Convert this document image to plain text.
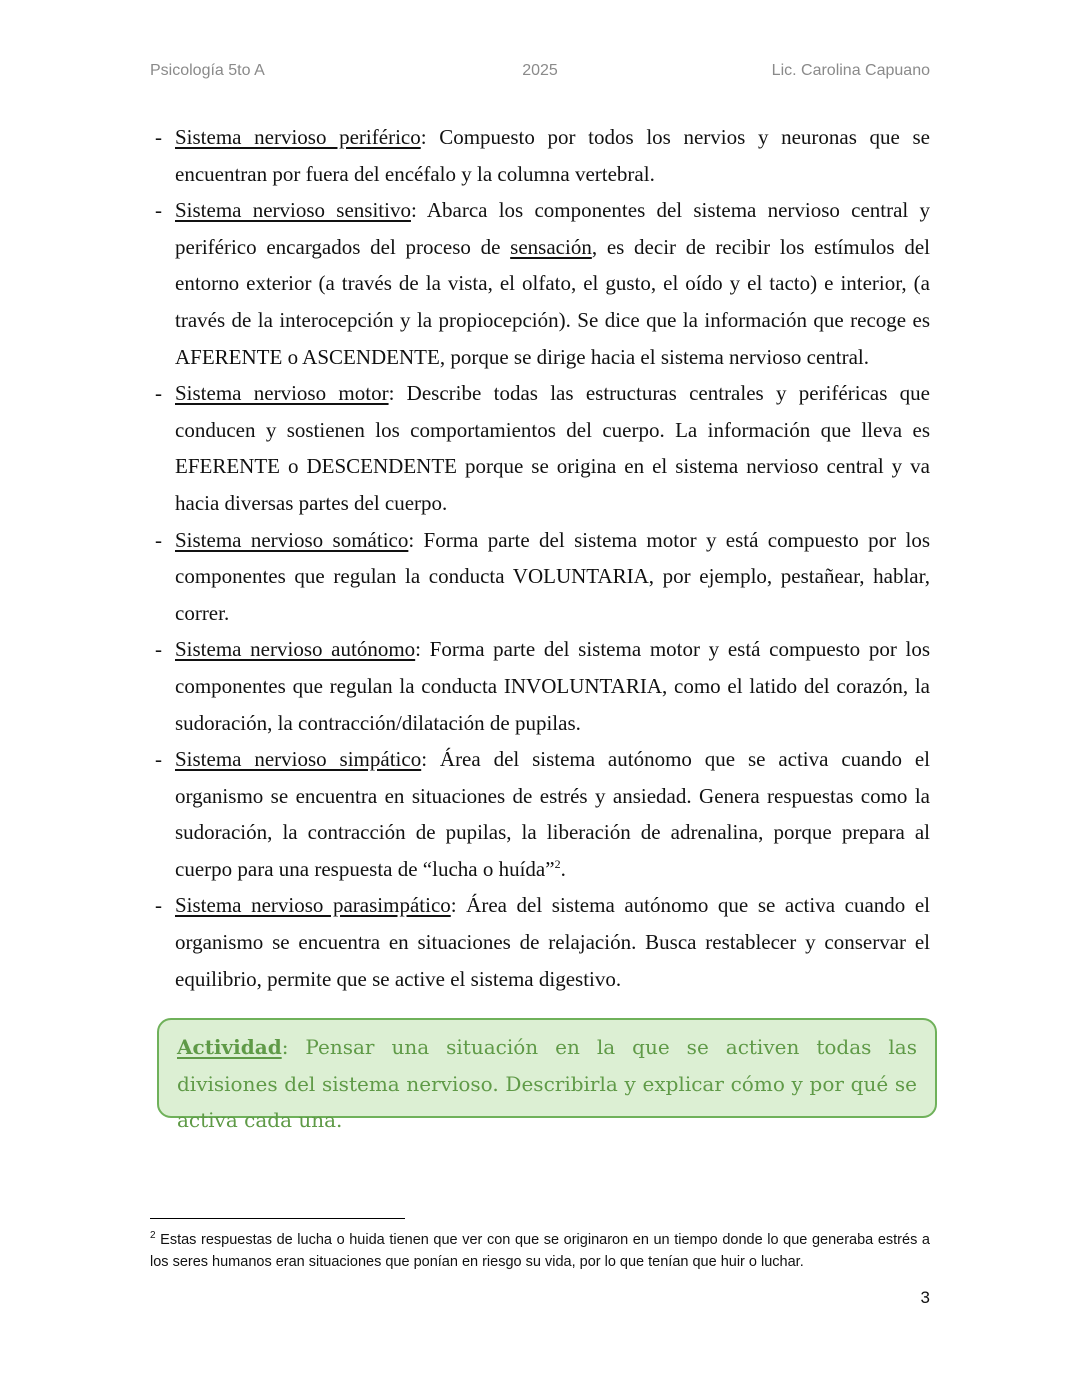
Psicología 5to A	2025	Lic. Carolina Capuano

- Sistema nervioso periférico: Compuesto por todos los nervios y neuronas que se encuentran por fuera del encéfalo y la columna vertebral.

- Sistema nervioso sensitivo: Abarca los componentes del sistema nervioso central y periférico encargados del proceso de sensación, es decir de recibir los estímulos del entorno exterior (a través de la vista, el olfato, el gusto, el oído y el tacto) e interior, (a través de la interocepción y la propiocepción). Se dice que la información que recoge es AFERENTE o ASCENDENTE, porque se dirige hacia el sistema nervioso central.

- Sistema nervioso motor: Describe todas las estructuras centrales y periféricas que conducen y sostienen los comportamientos del cuerpo. La información que lleva es EFERENTE o DESCENDENTE porque se origina en el sistema nervioso central y va hacia diversas partes del cuerpo.

- Sistema nervioso somático: Forma parte del sistema motor y está compuesto por los componentes que regulan la conducta VOLUNTARIA, por ejemplo, pestañear, hablar, correr.

- Sistema nervioso autónomo: Forma parte del sistema motor y está compuesto por los componentes que regulan la conducta INVOLUNTARIA, como el latido del corazón, la sudoración, la contracción/dilatación de pupilas.

- Sistema nervioso simpático: Área del sistema autónomo que se activa cuando el organismo se encuentra en situaciones de estrés y ansiedad. Genera respuestas como la sudoración, la contracción de pupilas, la liberación de adrenalina, porque prepara al cuerpo para una respuesta de “lucha o huída”$^2$.

- Sistema nervioso parasimpático: Área del sistema autónomo que se activa cuando el organismo se encuentra en situaciones de relajación. Busca restablecer y conservar el equilibrio, permite que se active el sistema digestivo.

Actividad: Pensar una situación en la que se activen todas las divisiones del sistema nervioso. Describirla y explicar cómo y por qué se activa cada una.
$^2$ Estas respuestas de lucha o huida tienen que ver con que se originaron en un tiempo donde lo que generaba estrés a los seres humanos eran situaciones que ponían en riesgo su vida, por lo que tenían que huir o luchar.
3
